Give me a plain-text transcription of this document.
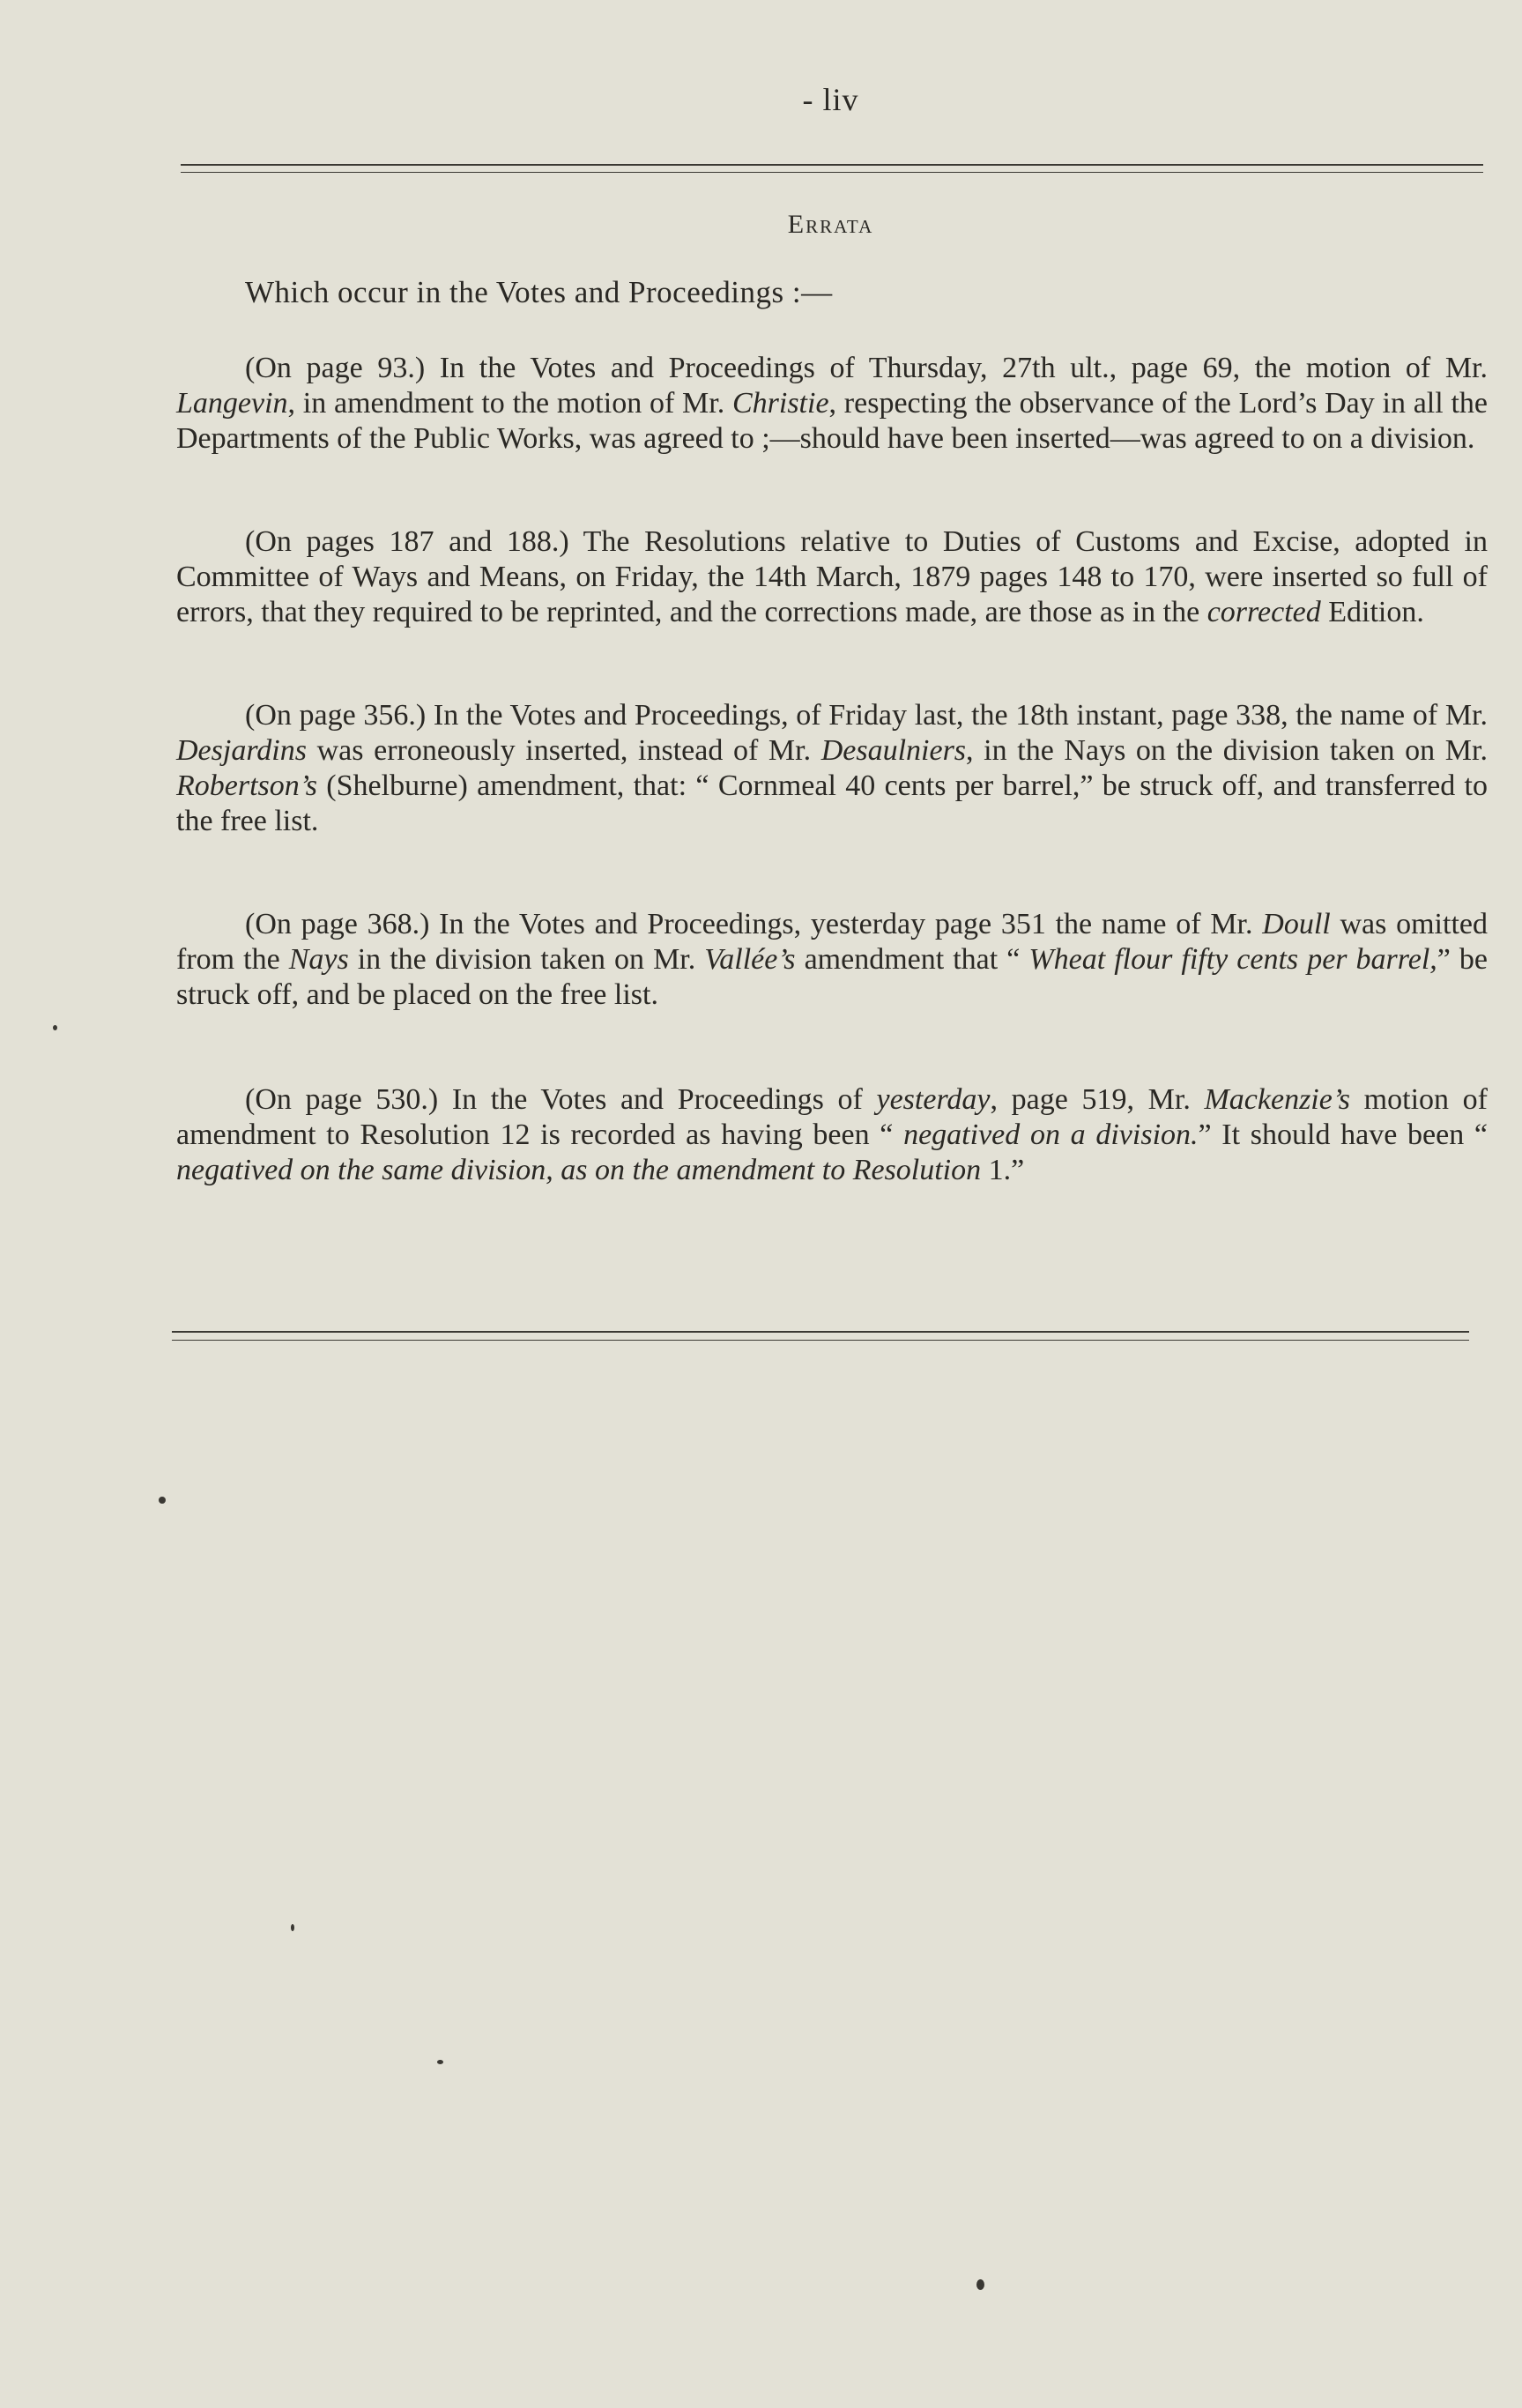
- liv
Errata
Which occur in the Votes and Proceedings :—

(On page 93.) In the Votes and Proceedings of Thursday, 27th ult., page 69, the motion of Mr. Langevin, in amendment to the motion of Mr. Christie, respecting the observance of the Lord’s Day in all the Departments of the Public Works, was agreed to ;—should have been inserted—was agreed to on a division.

(On pages 187 and 188.) The Resolutions relative to Duties of Customs and Excise, adopted in Committee of Ways and Means, on Friday, the 14th March, 1879 pages 148 to 170, were inserted so full of errors, that they required to be reprinted, and the corrections made, are those as in the corrected Edition.

(On page 356.) In the Votes and Proceedings, of Friday last, the 18th instant, page 338, the name of Mr. Desjardins was erroneously inserted, instead of Mr. Desaulniers, in the Nays on the division taken on Mr. Robertson’s (Shelburne) amendment, that: “ Cornmeal 40 cents per barrel,” be struck off, and transferred to the free list.

(On page 368.) In the Votes and Proceedings, yesterday page 351 the name of Mr. Doull was omitted from the Nays in the division taken on Mr. Vallée’s amendment that “ Wheat flour fifty cents per barrel,” be struck off, and be placed on the free list.

(On page 530.) In the Votes and Proceedings of yesterday, page 519, Mr. Mackenzie’s motion of amendment to Resolution 12 is recorded as having been “ negatived on a division.” It should have been “ negatived on the same division, as on the amendment to Resolution 1.”
